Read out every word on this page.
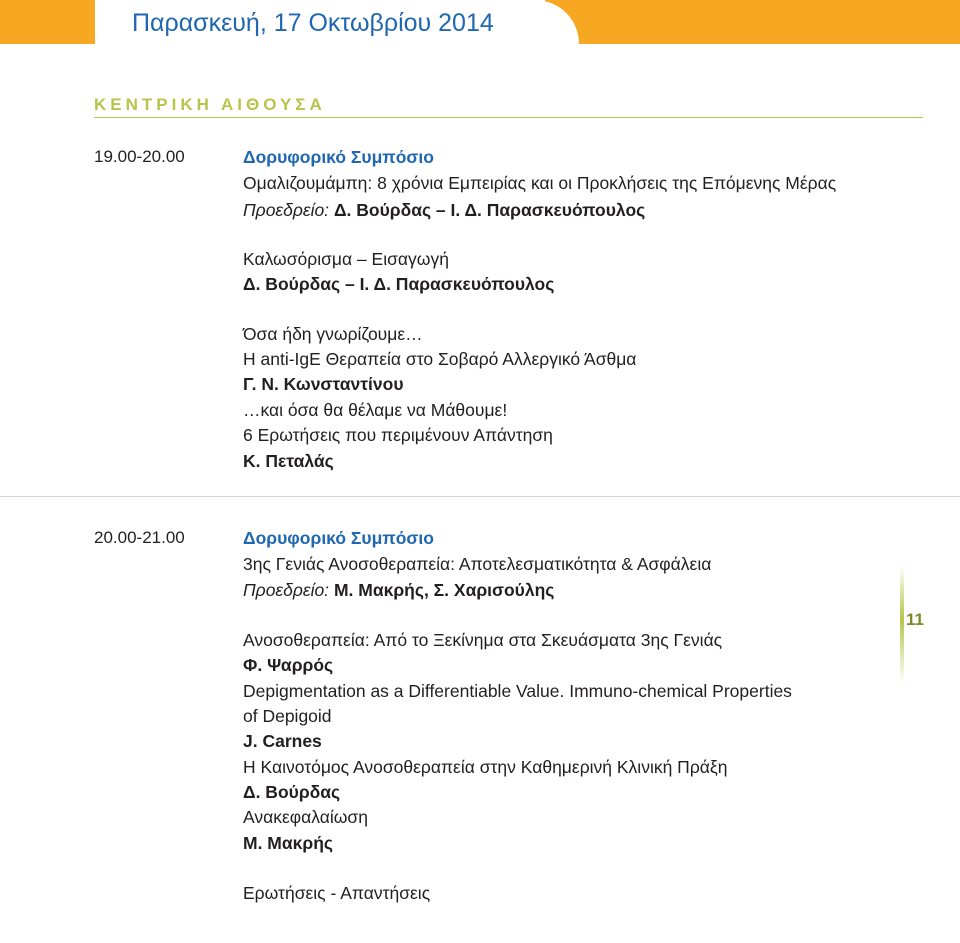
Παρασκευή, 17 Οκτωβρίου 2014
ΚΕΝΤΡΙΚΗ ΑΙΘΟΥΣΑ
19.00-20.00	Δορυφορικό Συμπόσιο
Ομαλιζουμάμπη: 8 χρόνια Εμπειρίας και οι Προκλήσεις της Επόμενης Μέρας
Προεδρείο: Δ. Βούρδας – Ι. Δ. Παρασκευόπουλος
Καλωσόρισμα – Εισαγωγή
Δ. Βούρδας – Ι. Δ. Παρασκευόπουλος
Όσα ήδη γνωρίζουμε…
Η anti-IgE Θεραπεία στο Σοβαρό Αλλεργικό Άσθμα
Γ. Ν. Κωνσταντίνου
…και όσα θα θέλαμε να Μάθουμε!
6 Ερωτήσεις που περιμένουν Απάντηση
Κ. Πεταλάς
20.00-21.00	Δορυφορικό Συμπόσιο
3ης Γενιάς Ανοσοθεραπεία: Αποτελεσματικότητα & Ασφάλεια
Προεδρείο: Μ. Μακρής, Σ. Χαρισούλης
Ανοσοθεραπεία: Από το Ξεκίνημα στα Σκευάσματα 3ης Γενιάς
Φ. Ψαρρός
Depigmentation as a Differentiable Value. Immuno-chemical Properties
of Depigoid
J. Carnes
Η Καινοτόμος Ανοσοθεραπεία στην Καθημερινή Κλινική Πράξη
Δ. Βούρδας
Ανακεφαλαίωση
Μ. Μακρής
Ερωτήσεις - Απαντήσεις
11
